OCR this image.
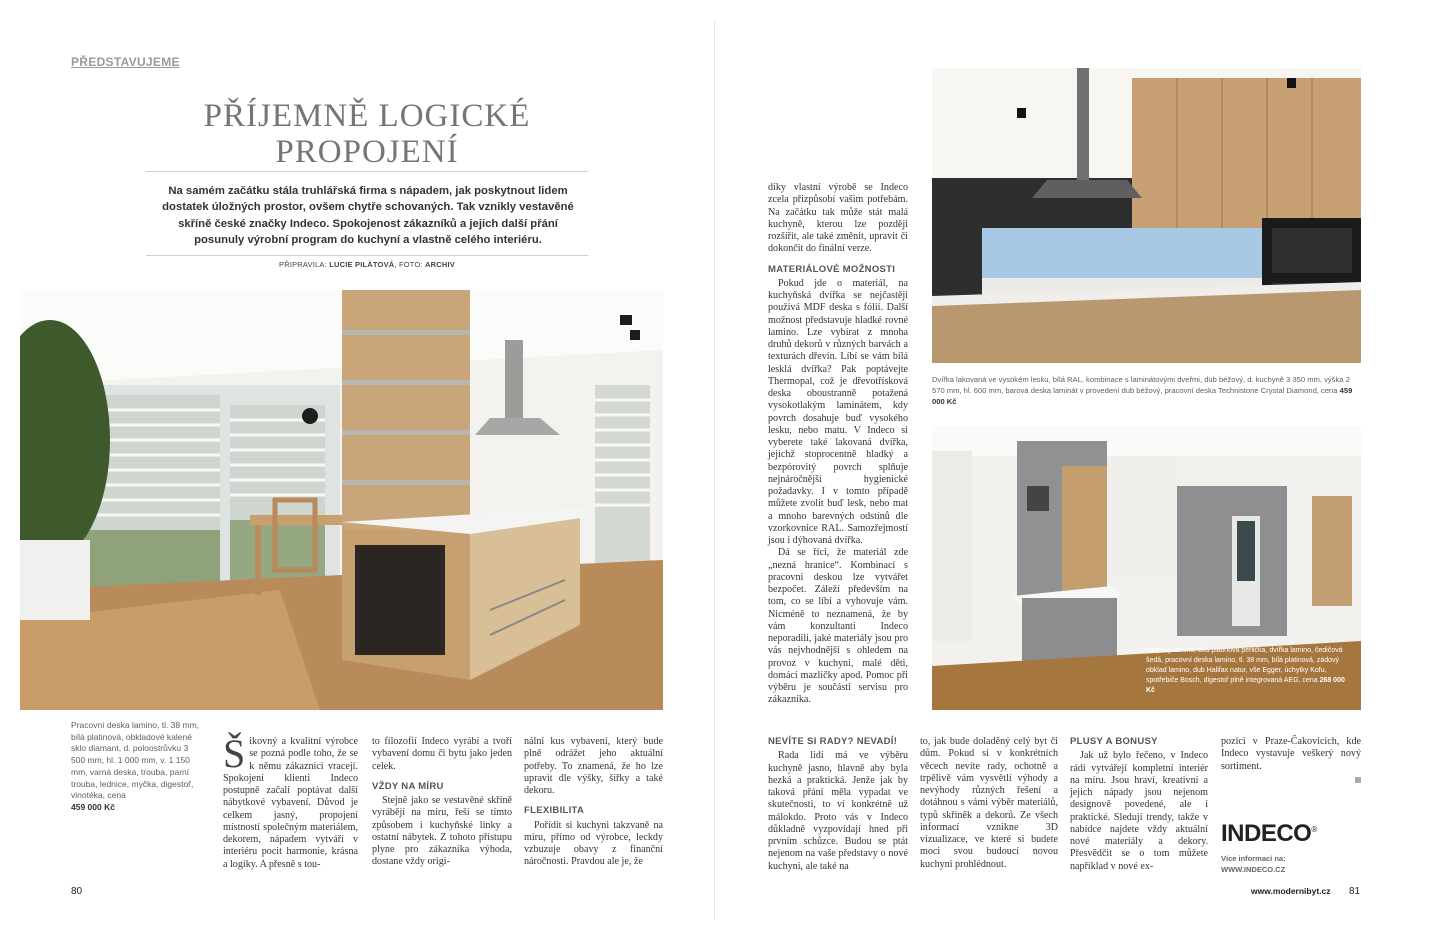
PŘEDSTAVUJEME
PŘÍJEMNĚ LOGICKÉ
PROPOJENÍ
Na samém začátku stála truhlářská firma s nápadem, jak poskytnout lidem dostatek úložných prostor, ovšem chytře schovaných. Tak vznikly vestavěné skříně české značky Indeco. Spokojenost zákazníků a jejich další přání posunuly výrobní program do kuchyní a vlastně celého interiéru.
PŘIPRAVILA: LUCIE PILÁTOVÁ, FOTO: ARCHIV
Pracovní deska lamino, tl. 38 mm, bílá platinová, obkladové kalené sklo diamant, d. poloostrůvku 3 500 mm, hl. 1 000 mm, v. 1 150 mm, varná deska, trouba, parní trouba, lednice, myčka, digestoř, vinotéka, cena
459 000 Kč
Š ikovný a kvalitní výrobce se pozná podle toho, že se k němu zákazníci vracejí. Spokojení klienti Indeco postupně začali poptávat další nábytkové vybavení. Důvod je celkem jasný, propojení místností společným materiálem, dekorem, nápadem vytváří v interiéru pocit harmonie, krásna a logiky. A přesně s tou-

to filozofií Indeco vyrábí a tvoří vybavení domu či bytu jako jeden celek.

VŽDY NA MÍRU

Stejně jako se vestavěné skříně vyrábějí na míru, řeší se tímto způsobem i kuchyňské linky a ostatní nábytek. Z tohoto přístupu plyne pro zákazníka výhoda, dostane vždy origi-

nální kus vybavení, který bude plně odrážet jeho aktuální potřeby. To znamená, že ho lze upravit dle výšky, šířky a také dekoru.

FLEXIBILITA

Pořídit si kuchyni takzvaně na míru, přímo od výrobce, leckdy vzbuzuje obavy z finanční náročnosti. Pravdou ale je, že

80

díky vlastní výrobě se Indeco zcela přizpůsobí vašim potřebám. Na začátku tak může stát malá kuchyně, kterou lze později rozšířit, ale také změnit, upravit či dokončit do finální verze.

MATERIÁLOVÉ MOŽNOSTI

Pokud jde o materiál, na kuchyňská dvířka se nejčastěji používá MDF deska s fólií. Další možnost představuje hladké rovné lamino. Lze vybírat z mnoha druhů dekorů v různých barvách a texturách dřevin. Líbí se vám bílá lesklá dvířka? Pak poptávejte Thermopal, což je dřevotřísková deska oboustranně potažená vysokotlakým laminátem, kdy povrch dosahuje buď vysokého lesku, nebo matu. V Indeco si vyberete také lakovaná dvířka, jejichž stoprocentně hladký a bezpórovitý povrch splňuje nejnáročnější hygienické požadavky. I v tomto případě můžete zvolit buď lesk, nebo mat a mnoho barevných odstínů dle vzorkovnice RAL. Samozřejmostí jsou i dýhovaná dvířka.

Dá se říci, že materiál zde „nezná hranice“. Kombinací s pracovní deskou lze vytvářet bezpočet. Záleží především na tom, co se líbí a vyhovuje vám. Nicméně to neznamená, že by vám konzultanti Indeco neporadili, jaké materiály jsou pro vás nejvhodnější s ohledem na provoz v kuchyni, malé děti, domácí mazlíčky apod. Pomoc při výběru je součástí servisu pro zákazníka.

Dvířka lakovaná ve vysokém lesku, bílá RAL, kombinace s laminátovými dveřmi, dub béžový, d. kuchyně 3 350 mm, výška 2 570 mm, hl. 600 mm, barová deska laminát v provedení dub béžový, pracovní deska Technistone Crystal Diamond, cena 459 000 Kč
Korpusy lamino, bílá platinová perlička, dvířka lamino, čedičová šedá, pracovní deska lamino, tl. 38 mm, bílá platinová, zádový obklad lamino, dub Halifax natur, vše Egger, úchytky Kofu, spotřebiče Bosch, digestoř plně integrovaná AEG, cena 268 000 Kč
NEVÍTE SI RADY? NEVADÍ!

Rada lidí má ve výběru kuchyně jasno, hlavně aby byla hezká a praktická. Jenže jak by taková přání měla vypadat ve skutečnosti, to ví konkrétně už málokdo. Proto vás v Indeco důkladně vyzpovídají hned při prvním schůzce. Budou se ptát nejenom na vaše představy o nové kuchyni, ale také na

to, jak bude doladěný celý byt či dům. Pokud si v konkrétních věcech nevíte rady, ochotně a trpělivě vám vysvětlí výhody a nevýhody různých řešení a dotáhnou s vámi výběr materiálů, typů skříněk a dekorů. Ze všech informací vznikne 3D vizualizace, ve které si budete moci svou budoucí novou kuchyni prohlédnout.

PLUSY A BONUSY

Jak už bylo řečeno, v Indeco rádi vytvářejí kompletní interiér na míru. Jsou hraví, kreativní a jejich nápady jsou nejenom designově povedené, ale i praktické. Sledují trendy, takže v nabídce najdete vždy aktuální nové materiály a dekory. Přesvědčit se o tom můžete například v nové ex-

pozici v Praze-Čakovicích, kde Indeco vystavuje veškerý nový sortiment.

INDECO®
Více informací na:
WWW.INDECO.CZ
www.modernibyt.cz 81
